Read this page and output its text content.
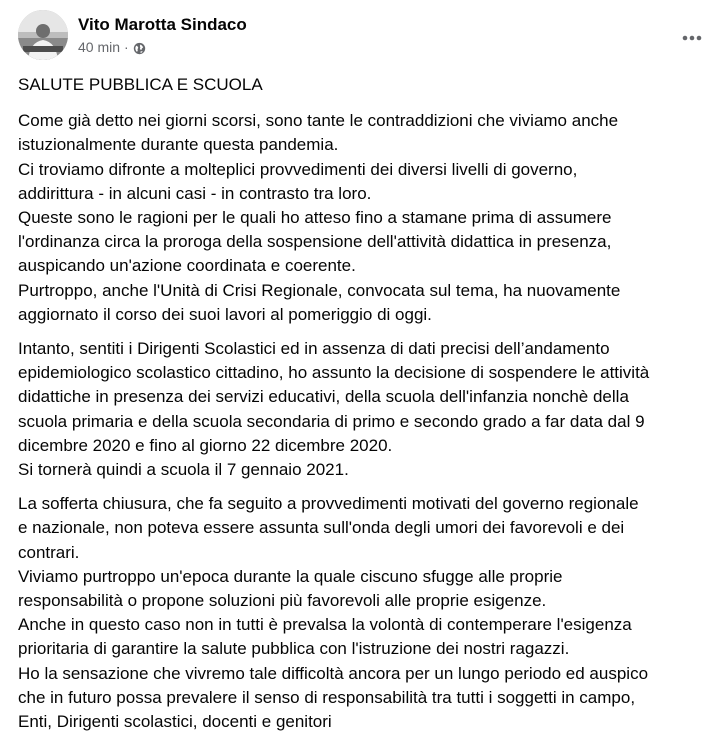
Vito Marotta Sindaco
40 min ·

SALUTE PUBBLICA E SCUOLA

Come già detto nei giorni scorsi, sono tante le contraddizioni che viviamo anche

istuzionalmente durante questa pandemia.

Ci troviamo difronte a molteplici provvedimenti dei diversi livelli di governo,

addirittura - in alcuni casi - in contrasto tra loro.

Queste sono le ragioni per le quali ho atteso fino a stamane prima di assumere

l'ordinanza circa la proroga della sospensione dell'attività didattica in presenza,

auspicando un'azione coordinata e coerente.

Purtroppo, anche l'Unità di Crisi Regionale, convocata sul tema, ha nuovamente

aggiornato il corso dei suoi lavori al pomeriggio di oggi.

Intanto, sentiti i Dirigenti Scolastici ed in assenza di dati precisi dell’andamento

epidemiologico scolastico cittadino, ho assunto la decisione di sospendere le attività

didattiche in presenza dei servizi educativi, della scuola dell'infanzia nonchè della

scuola primaria e della scuola secondaria di primo e secondo grado a far data dal 9

dicembre 2020 e fino al giorno 22 dicembre 2020.

Si tornerà quindi a scuola il 7 gennaio 2021.

La sofferta chiusura, che fa seguito a provvedimenti motivati del governo regionale

e nazionale, non poteva essere assunta sull'onda degli umori dei favorevoli e dei

contrari.

Viviamo purtroppo un'epoca durante la quale ciscuno sfugge alle proprie

responsabilità o propone soluzioni più favorevoli alle proprie esigenze.

Anche in questo caso non in tutti è prevalsa la volontà di contemperare l'esigenza

prioritaria di garantire la salute pubblica con l'istruzione dei nostri ragazzi.

Ho la sensazione che vivremo tale difficoltà ancora per un lungo periodo ed auspico

che in futuro possa prevalere il senso di responsabilità tra tutti i soggetti in campo,

Enti, Dirigenti scolastici, docenti e genitori
